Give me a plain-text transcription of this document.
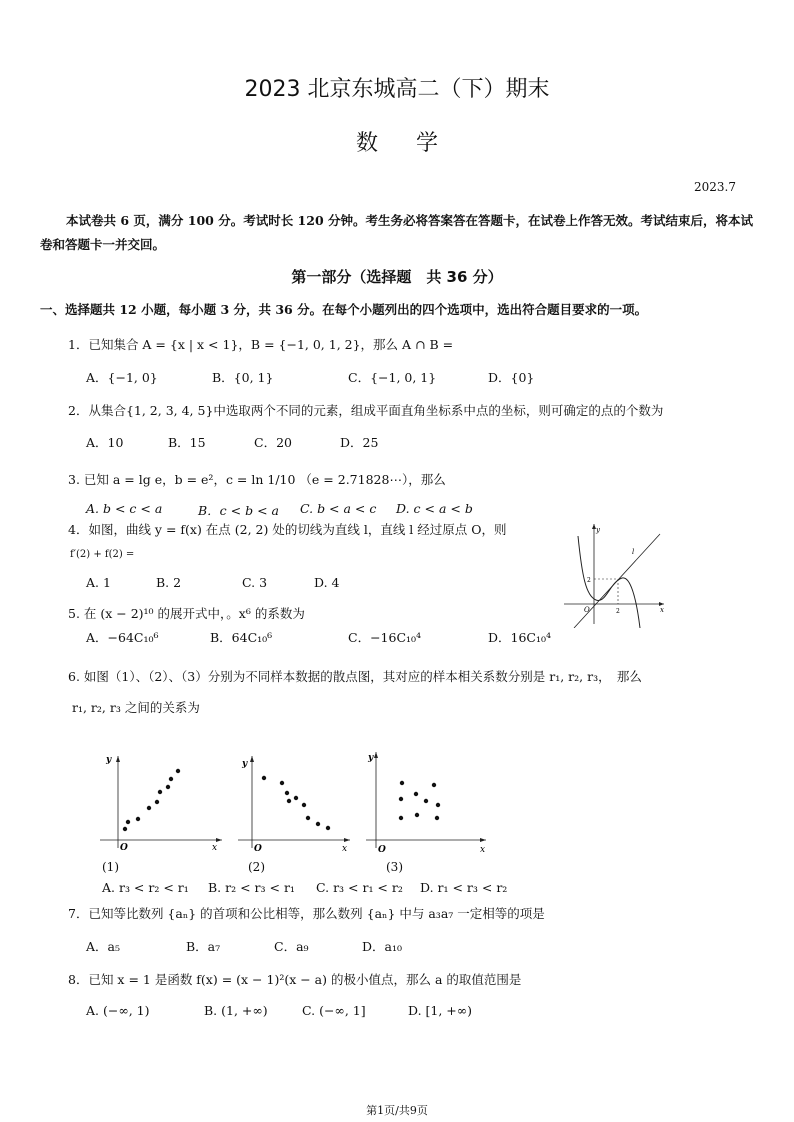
2023 北京东城高二（下）期末
数学
2023.7
本试卷共 6 页，满分 100 分。考试时长 120 分钟。考生务必将答案答在答题卡，在试卷上作答无效。考试结束后，将本试卷和答题卡一并交回。
第一部分（选择题　共 36 分）
一、选择题共 12 小题，每小题 3 分，共 36 分。在每个小题列出的四个选项中，选出符合题目要求的一项。
1．已知集合 A = {x | x < 1}，B = {−1, 0, 1, 2}，那么 A ∩ B =
A．{−1, 0}	B．{0, 1}	C．{−1, 0, 1}	D．{0}
2．从集合{1, 2, 3, 4, 5}中选取两个不同的元素，组成平面直角坐标系中点的坐标，则可确定的点的个数为
A．10	B．15	C．20	D．25
3. 已知 a = lg e，b = e²，c = ln 1/10 （e = 2.71828⋯），那么
A. b < c < a	B．c < b < a C. b < a < c D. c < a < b
4．如图，曲线 y = f(x) 在点 (2, 2) 处的切线为直线 l，直线 l 经过原点 O，则
f′(2) + f(2) =
A. 1	B. 2	C. 3	D. 4
y
x
O
l
2
2
5. 在 (x − 2)¹⁰ 的展开式中，。x⁶ 的系数为
A．−64C₁₀⁶	B．64C₁₀⁶	C．−16C₁₀⁴	D．16C₁₀⁴
6. 如图（1）、（2）、（3）分别为不同样本数据的散点图，其对应的样本相关系数分别是 r₁, r₂, r₃，　那么
r₁, r₂, r₃ 之间的关系为
y
x
O
(1)
y
x
O
(2)
y
x
O
(3)
A. r₃ < r₂ < r₁ B. r₂ < r₃ < r₁ C. r₃ < r₁ < r₂ D. r₁ < r₃ < r₂
7．已知等比数列 {aₙ} 的首项和公比相等，那么数列 {aₙ} 中与 a₃a₇ 一定相等的项是
A．a₅	B．a₇	C．a₉	D．a₁₀
8．已知 x = 1 是函数 f(x) = (x − 1)²(x − a) 的极小值点，那么 a 的取值范围是
A. (−∞, 1)	B. (1, +∞)	C. (−∞, 1]	D. [1, +∞)
第1页/共9页
